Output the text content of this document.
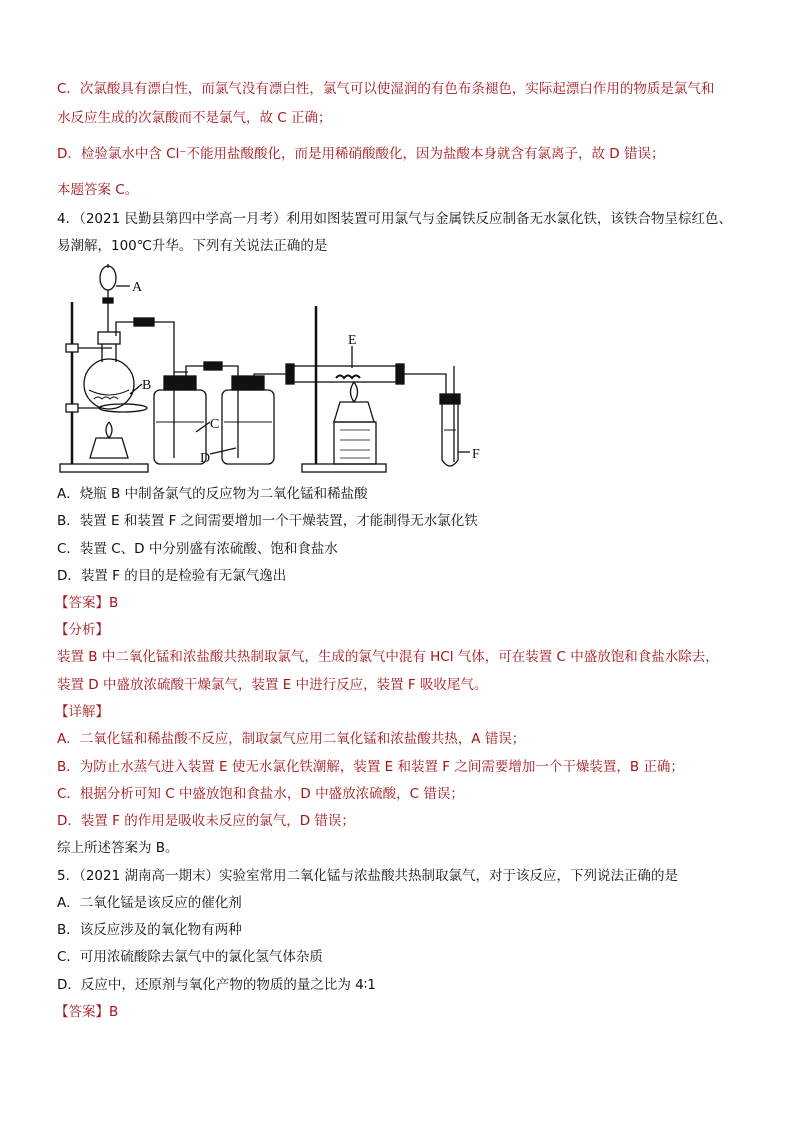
C．次氯酸具有漂白性，而氯气没有漂白性，氯气可以使湿润的有色布条褪色，实际起漂白作用的物质是氯气和
水反应生成的次氯酸而不是氯气，故 C 正确；
D．检验氯水中含 Cl⁻不能用盐酸酸化，而是用稀硝酸酸化，因为盐酸本身就含有氯离子，故 D 错误；
本题答案 C。
4．（2021 民勤县第四中学高一月考）利用如图装置可用氯气与金属铁反应制备无水氯化铁，该铁合物呈棕红色、
易潮解，100℃升华。下列有关说法正确的是
A
B
C
D
E
F
A．烧瓶 B 中制备氯气的反应物为二氧化锰和稀盐酸
B．装置 E 和装置 F 之间需要增加一个干燥装置，才能制得无水氯化铁
C．装置 C、D 中分别盛有浓硫酸、饱和食盐水
D．装置 F 的目的是检验有无氯气逸出
【答案】B
【分析】
装置 B 中二氧化锰和浓盐酸共热制取氯气，生成的氯气中混有 HCl 气体，可在装置 C 中盛放饱和食盐水除去，
装置 D 中盛放浓硫酸干燥氯气，装置 E 中进行反应，装置 F 吸收尾气。
【详解】
A．二氧化锰和稀盐酸不反应，制取氯气应用二氧化锰和浓盐酸共热，A 错误；
B．为防止水蒸气进入装置 E 使无水氯化铁潮解，装置 E 和装置 F 之间需要增加一个干燥装置，B 正确；
C．根据分析可知 C 中盛放饱和食盐水，D 中盛放浓硫酸，C 错误；
D．装置 F 的作用是吸收未反应的氯气，D 错误；
综上所述答案为 B。
5．（2021 湖南高一期末）实验室常用二氧化锰与浓盐酸共热制取氯气，对于该反应，下列说法正确的是
A．二氧化锰是该反应的催化剂
B．该反应涉及的氧化物有两种
C．可用浓硫酸除去氯气中的氯化氢气体杂质
D．反应中，还原剂与氧化产物的物质的量之比为 4∶1
【答案】B
